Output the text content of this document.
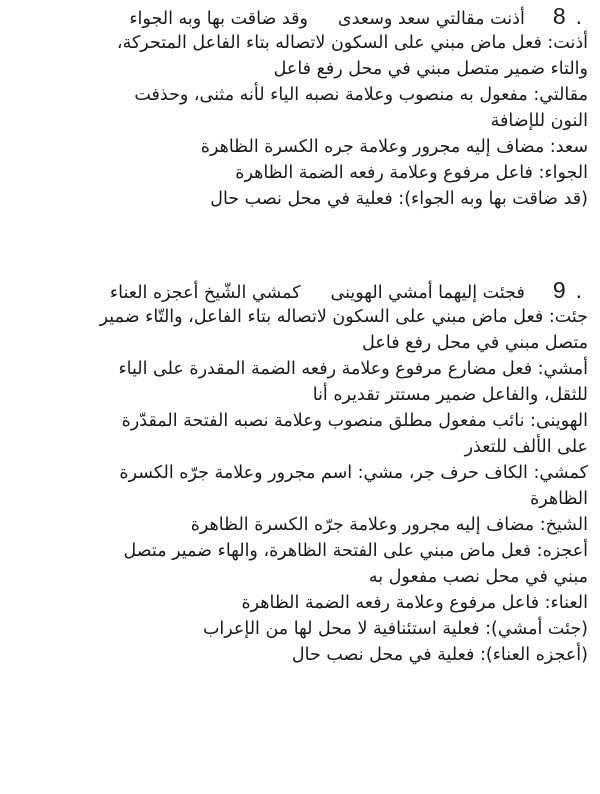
8 .
أذنت مقالتي سعد وسعدى
وقد ضاقت بها وبه الجواء
أذنت: فعل ماض مبني على السكون لاتصاله بتاء الفاعل المتحركة،
والتاء ضمير متصل مبني في محل رفع فاعل
مقالتي: مفعول به منصوب وعلامة نصبه الياء لأنه مثنى، وحذفت
النون للإضافة
سعد: مضاف إليه مجرور وعلامة جره الكسرة الظاهرة
الجواء: فاعل مرفوع وعلامة رفعه الضمة الظاهرة
(قد ضاقت بها وبه الجواء): فعلية في محل نصب حال
9 .
فجئت إليهما أمشي الهوينى
كمشي الشّيخ أعجزه العناء
جئت: فعل ماض مبني على السكون لاتصاله بتاء الفاعل، والتّاء ضمير
متصل مبني في محل رفع فاعل
أمشي: فعل مضارع مرفوع وعلامة رفعه الضمة المقدرة على الياء
للثقل، والفاعل ضمير مستتر تقديره أنا
الهوينى: نائب مفعول مطلق منصوب وعلامة نصبه الفتحة المقدّرة
على الألف للتعذر
كمشي: الكاف حرف جر، مشي: اسم مجرور وعلامة جرّه الكسرة
الظاهرة
الشيخ: مضاف إليه مجرور وعلامة جرّه الكسرة الظاهرة
أعجزه: فعل ماض مبني على الفتحة الظاهرة، والهاء ضمير متصل
مبني في محل نصب مفعول به
العناء: فاعل مرفوع وعلامة رفعه الضمة الظاهرة
(جئت أمشي): فعلية استئنافية لا محل لها من الإعراب
(أعجزه العناء): فعلية في محل نصب حال
